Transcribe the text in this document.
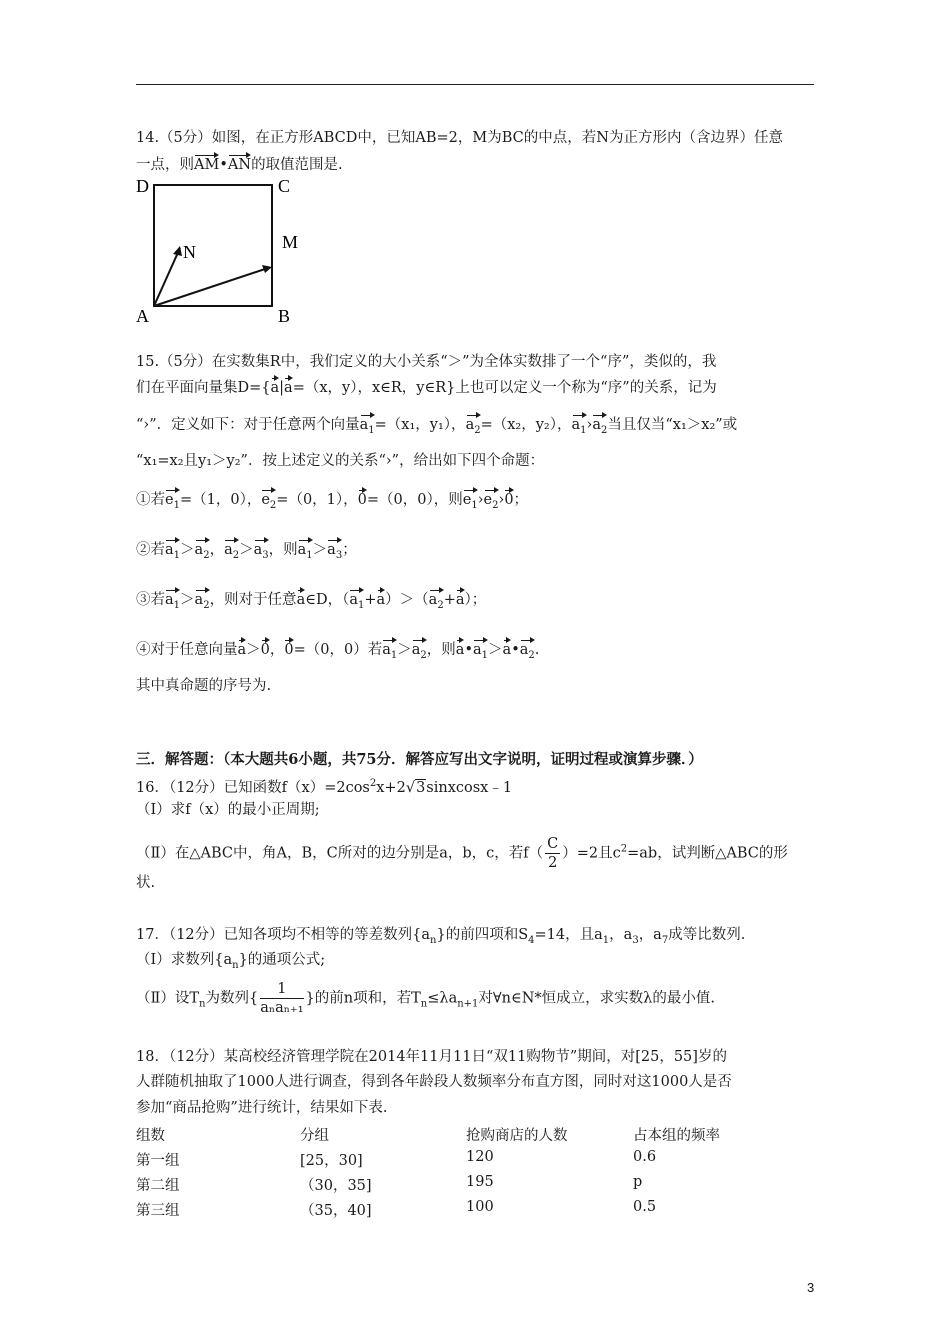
14.（5分）如图，在正方形ABCD中，已知AB=2，M为BC的中点，若N为正方形内（含边界）任意
一点，则AM•AN的取值范围是.
D	C
N	M
A	B
15.（5分）在实数集R中，我们定义的大小关系“＞”为全体实数排了一个“序”，类似的，我
们在平面向量集D={a|a=（x，y），x∈R，y∈R}上也可以定义一个称为“序”的关系，记为
“›”．定义如下：对于任意两个向量$a_1=(x_1$，y₁），$a_2=(x_2$，y₂），$a_1›a_2$当且仅当“x₁＞x₂”或
“x₁=x₂且y₁＞y₂”．按上述定义的关系“›”，给出如下四个命题：
①若$e_1=(1$，0），$e_2=(0$，1），0=（0，0），则$e_1›e_2›0$；
②若$a_1>a_2$，$a_2>a_3$，则$a_1>a_3$；
③若$a_1>a_2$，则对于任意a∈D，$(a_1+a)>(a_2+a)$；
④对于任意向量a＞0，0=（0，0）若$a_1>a_2$，则$a•a_1>a•a_2$.
其中真命题的序号为.
三．解答题：（本大题共6小题，共75分．解答应写出文字说明，证明过程或演算步骤．）
16．（12分）已知函数$f(x)=2\cos^2x+2√3sinxcosx﹣1$
（Ⅰ）求f（x）的最小正周期;
（Ⅱ）在△ABC中，角A，B，C所对的边分别是a，b，c，若$f( \frac{C}{2} )=2$且$c^2=ab$，试判断△ABC的形
状.
17．（12分）已知各项均不相等的等差数列$\{a_n\}$的前四项和$S_4=14$，且$a_1$，$a_3$，$a_7$成等比数列.
（Ⅰ）求数列$\{a_n\}$的通项公式;
（Ⅱ）设$T_n$为数列{ $\frac{1}{\text{aₙaₙ₊₁}}$ }的前n项和，若$T_n\le\lambda a_{n+1}$对∀n∈N*恒成立，求实数λ的最小值.
18．（12分）某高校经济管理学院在2014年11月11日“双11购物节”期间，对[25，55]岁的
人群随机抽取了1000人进行调查，得到各年龄段人数频率分布直方图，同时对这1000人是否
参加“商品抢购”进行统计，结果如下表.
组数	分组	抢购商店的人数	占本组的频率
第一组	[25，30]	120	0.6
第二组	（30，35]	195	p
第三组	（35，40]	100	0.5
3
